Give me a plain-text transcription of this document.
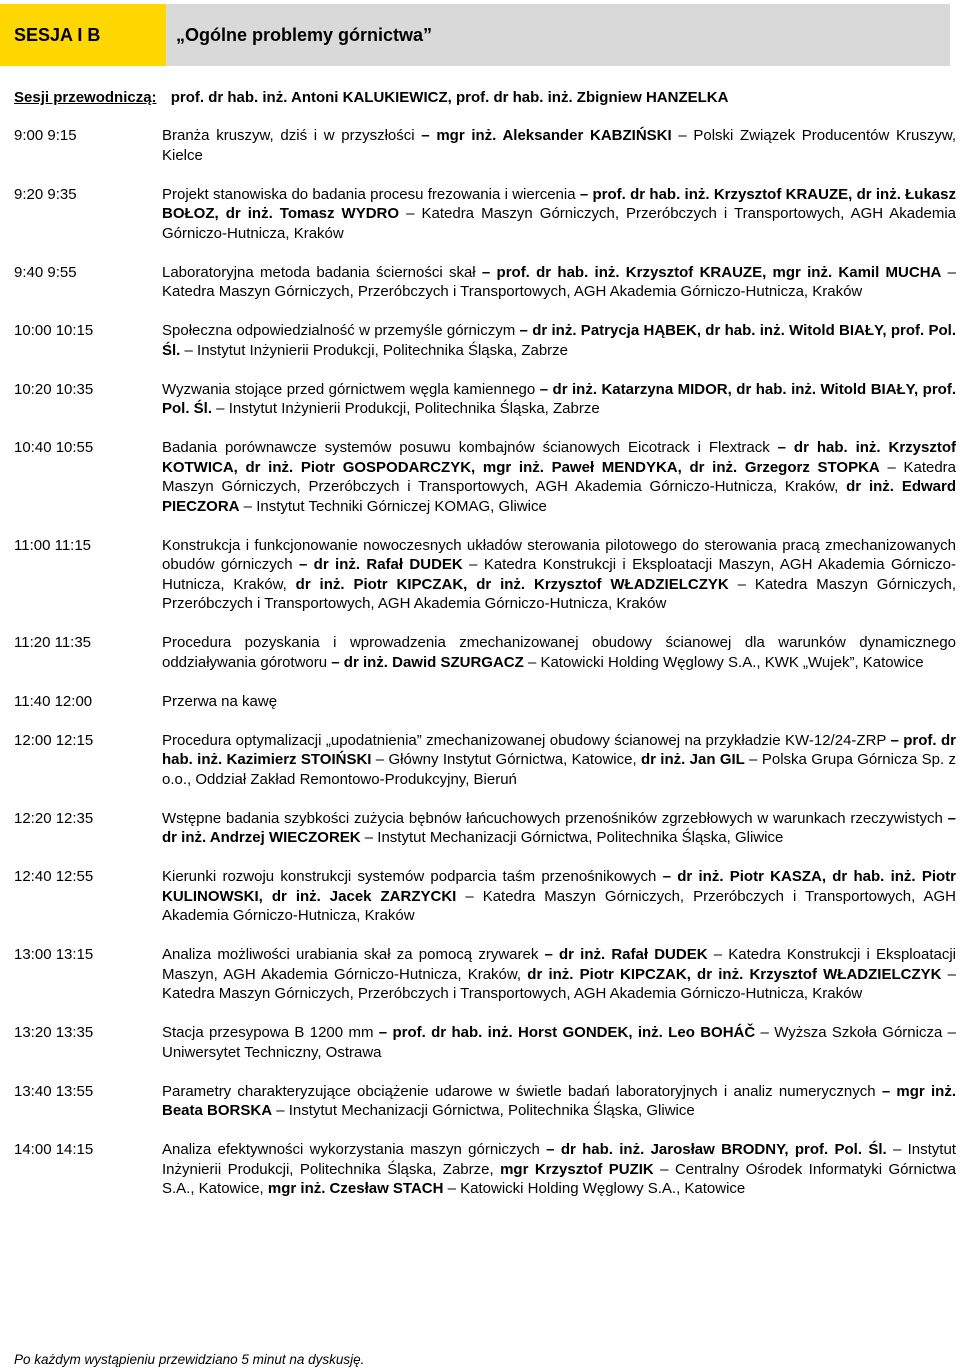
SESJA I B	„Ogólne problemy górnictwa”
Sesji przewodniczą: prof. dr hab. inż. Antoni KALUKIEWICZ, prof. dr hab. inż. Zbigniew HANZELKA
9:00 9:15	Branża kruszyw, dziś i w przyszłości – mgr inż. Aleksander KABZIŃSKI – Polski Związek Producentów Kruszyw, Kielce
9:20 9:35	Projekt stanowiska do badania procesu frezowania i wiercenia – prof. dr hab. inż. Krzysztof KRAUZE, dr inż. Łukasz BOŁOZ, dr inż. Tomasz WYDRO – Katedra Maszyn Górniczych, Przeróbczych i Transportowych, AGH Akademia Górniczo-Hutnicza, Kraków
9:40 9:55	Laboratoryjna metoda badania ścierności skał – prof. dr hab. inż. Krzysztof KRAUZE, mgr inż. Kamil MUCHA – Katedra Maszyn Górniczych, Przeróbczych i Transportowych, AGH Akademia Górniczo-Hutnicza, Kraków
10:00 10:15	Społeczna odpowiedzialność w przemyśle górniczym – dr inż. Patrycja HĄBEK, dr hab. inż. Witold BIAŁY, prof. Pol. Śl. – Instytut Inżynierii Produkcji, Politechnika Śląska, Zabrze
10:20 10:35	Wyzwania stojące przed górnictwem węgla kamiennego – dr inż. Katarzyna MIDOR, dr hab. inż. Witold BIAŁY, prof. Pol. Śl. – Instytut Inżynierii Produkcji, Politechnika Śląska, Zabrze
10:40 10:55	Badania porównawcze systemów posuwu kombajnów ścianowych Eicotrack i Flextrack – dr hab. inż. Krzysztof KOTWICA, dr inż. Piotr GOSPODARCZYK, mgr inż. Paweł MENDYKA, dr inż. Grzegorz STOPKA – Katedra Maszyn Górniczych, Przeróbczych i Transportowych, AGH Akademia Górniczo-Hutnicza, Kraków, dr inż. Edward PIECZORA – Instytut Techniki Górniczej KOMAG, Gliwice
11:00 11:15	Konstrukcja i funkcjonowanie nowoczesnych układów sterowania pilotowego do sterowania pracą zmechanizowanych obudów górniczych – dr inż. Rafał DUDEK – Katedra Konstrukcji i Eksploatacji Maszyn, AGH Akademia Górniczo-Hutnicza, Kraków, dr inż. Piotr KIPCZAK, dr inż. Krzysztof WŁADZIELCZYK – Katedra Maszyn Górniczych, Przeróbczych i Transportowych, AGH Akademia Górniczo-Hutnicza, Kraków
11:20 11:35	Procedura pozyskania i wprowadzenia zmechanizowanej obudowy ścianowej dla warunków dynamicznego oddziaływania górotworu – dr inż. Dawid SZURGACZ – Katowicki Holding Węglowy S.A., KWK „Wujek”, Katowice
11:40 12:00	Przerwa na kawę
12:00 12:15	Procedura optymalizacji „upodatnienia” zmechanizowanej obudowy ścianowej na przykładzie KW-12/24-ZRP – prof. dr hab. inż. Kazimierz STOIŃSKI – Główny Instytut Górnictwa, Katowice, dr inż. Jan GIL – Polska Grupa Górnicza Sp. z o.o., Oddział Zakład Remontowo-Produkcyjny, Bieruń
12:20 12:35	Wstępne badania szybkości zużycia bębnów łańcuchowych przenośników zgrzebłowych w warunkach rzeczywistych – dr inż. Andrzej WIECZOREK – Instytut Mechanizacji Górnictwa, Politechnika Śląska, Gliwice
12:40 12:55	Kierunki rozwoju konstrukcji systemów podparcia taśm przenośnikowych – dr inż. Piotr KASZA, dr hab. inż. Piotr KULINOWSKI, dr inż. Jacek ZARZYCKI – Katedra Maszyn Górniczych, Przeróbczych i Transportowych, AGH Akademia Górniczo-Hutnicza, Kraków
13:00 13:15	Analiza możliwości urabiania skał za pomocą zrywarek – dr inż. Rafał DUDEK – Katedra Konstrukcji i Eksploatacji Maszyn, AGH Akademia Górniczo-Hutnicza, Kraków, dr inż. Piotr KIPCZAK, dr inż. Krzysztof WŁADZIELCZYK – Katedra Maszyn Górniczych, Przeróbczych i Transportowych, AGH Akademia Górniczo-Hutnicza, Kraków
13:20 13:35	Stacja przesypowa B 1200 mm – prof. dr hab. inż. Horst GONDEK, inż. Leo BOHÁČ – Wyższa Szkoła Górnicza – Uniwersytet Techniczny, Ostrawa
13:40 13:55	Parametry charakteryzujące obciążenie udarowe w świetle badań laboratoryjnych i analiz numerycznych – mgr inż. Beata BORSKA – Instytut Mechanizacji Górnictwa, Politechnika Śląska, Gliwice
14:00 14:15	Analiza efektywności wykorzystania maszyn górniczych – dr hab. inż. Jarosław BRODNY, prof. Pol. Śl. – Instytut Inżynierii Produkcji, Politechnika Śląska, Zabrze, mgr Krzysztof PUZIK – Centralny Ośrodek Informatyki Górnictwa S.A., Katowice, mgr inż. Czesław STACH – Katowicki Holding Węglowy S.A., Katowice
Po każdym wystąpieniu przewidziano 5 minut na dyskusję.
